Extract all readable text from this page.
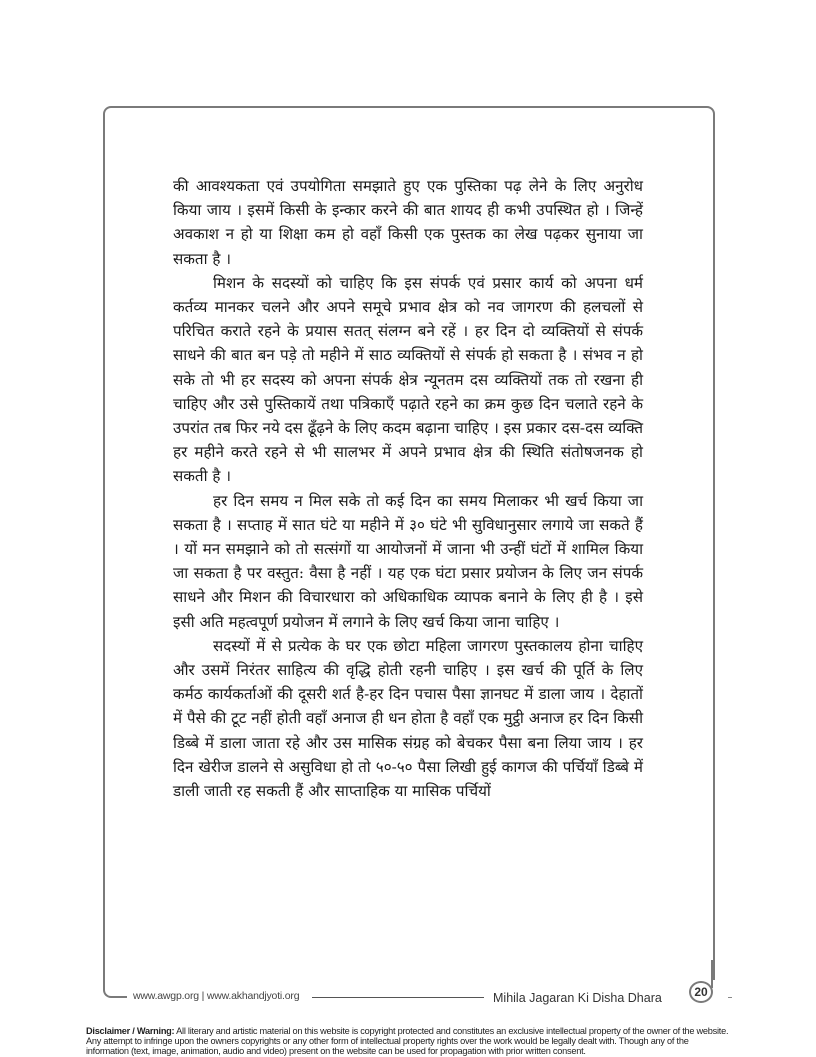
की आवश्यकता एवं उपयोगिता समझाते हुए एक पुस्तिका पढ़ लेने के लिए अनुरोध किया जाय । इसमें किसी के इन्कार करने की बात शायद ही कभी उपस्थित हो । जिन्हें अवकाश न हो या शिक्षा कम हो वहाँ किसी एक पुस्तक का लेख पढ़कर सुनाया जा सकता है ।

मिशन के सदस्यों को चाहिए कि इस संपर्क एवं प्रसार कार्य को अपना धर्म कर्तव्य मानकर चलने और अपने समूचे प्रभाव क्षेत्र को नव जागरण की हलचलों से परिचित कराते रहने के प्रयास सतत् संलग्न बने रहें । हर दिन दो व्यक्तियों से संपर्क साधने की बात बन पड़े तो महीने में साठ व्यक्तियों से संपर्क हो सकता है । संभव न हो सके तो भी हर सदस्य को अपना संपर्क क्षेत्र न्यूनतम दस व्यक्तियों तक तो रखना ही चाहिए और उसे पुस्तिकायें तथा पत्रिकाएँ पढ़ाते रहने का क्रम कुछ दिन चलाते रहने के उपरांत तब फिर नये दस ढूँढ़ने के लिए कदम बढ़ाना चाहिए । इस प्रकार दस-दस व्यक्ति हर महीने करते रहने से भी सालभर में अपने प्रभाव क्षेत्र की स्थिति संतोषजनक हो सकती है ।

हर दिन समय न मिल सके तो कई दिन का समय मिलाकर भी खर्च किया जा सकता है । सप्ताह में सात घंटे या महीने में ३० घंटे भी सुविधानुसार लगाये जा सकते हैं । यों मन समझाने को तो सत्संगों या आयोजनों में जाना भी उन्हीं घंटों में शामिल किया जा सकता है पर वस्तुत: वैसा है नहीं । यह एक घंटा प्रसार प्रयोजन के लिए जन संपर्क साधने और मिशन की विचारधारा को अधिकाधिक व्यापक बनाने के लिए ही है । इसे इसी अति महत्वपूर्ण प्रयोजन में लगाने के लिए खर्च किया जाना चाहिए ।

सदस्यों में से प्रत्येक के घर एक छोटा महिला जागरण पुस्तकालय होना चाहिए और उसमें निरंतर साहित्य की वृद्धि होती रहनी चाहिए । इस खर्च की पूर्ति के लिए कर्मठ कार्यकर्ताओं की दूसरी शर्त है-हर दिन पचास पैसा ज्ञानघट में डाला जाय । देहातों में पैसे की टूट नहीं होती वहाँ अनाज ही धन होता है वहाँ एक मुट्ठी अनाज हर दिन किसी डिब्बे में डाला जाता रहे और उस मासिक संग्रह को बेचकर पैसा बना लिया जाय । हर दिन खेरीज डालने से असुविधा हो तो ५०-५० पैसा लिखी हुई कागज की पर्चियाँ डिब्बे में डाली जाती रह सकती हैं और साप्ताहिक या मासिक पर्चियों

www.awgp.org | www.akhandjyoti.org	Mihila Jagaran Ki Disha Dhara	20
Disclaimer / Warning: All literary and artistic material on this website is copyright protected and constitutes an exclusive intellectual property of the owner of the website. Any attempt to infringe upon the owners copyrights or any other form of intellectual property rights over the work would be legally dealt with. Though any of the information (text, image, animation, audio and video) present on the website can be used for propagation with prior written consent.
